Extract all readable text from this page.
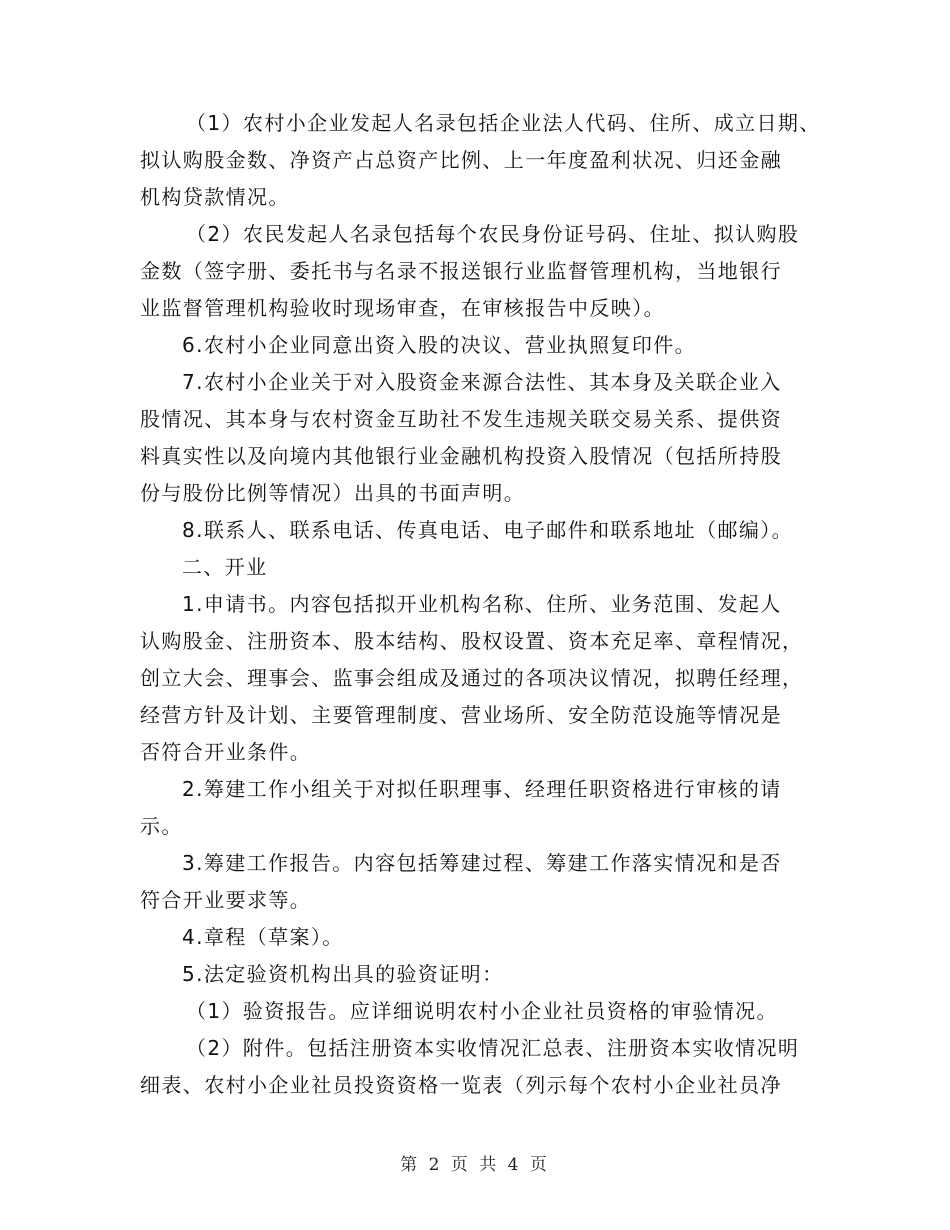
（1）农村小企业发起人名录包括企业法人代码、住所、成立日期、
拟认购股金数、净资产占总资产比例、上一年度盈利状况、归还金融
机构贷款情况。

（2）农民发起人名录包括每个农民身份证号码、住址、拟认购股
金数（签字册、委托书与名录不报送银行业监督管理机构，当地银行
业监督管理机构验收时现场审查，在审核报告中反映）。

6.农村小企业同意出资入股的决议、营业执照复印件。

7.农村小企业关于对入股资金来源合法性、其本身及关联企业入
股情况、其本身与农村资金互助社不发生违规关联交易关系、提供资
料真实性以及向境内其他银行业金融机构投资入股情况（包括所持股
份与股份比例等情况）出具的书面声明。

8.联系人、联系电话、传真电话、电子邮件和联系地址（邮编）。

二、开业

1.申请书。内容包括拟开业机构名称、住所、业务范围、发起人
认购股金、注册资本、股本结构、股权设置、资本充足率、章程情况，
创立大会、理事会、监事会组成及通过的各项决议情况，拟聘任经理，
经营方针及计划、主要管理制度、营业场所、安全防范设施等情况是
否符合开业条件。

2.筹建工作小组关于对拟任职理事、经理任职资格进行审核的请
示。

3.筹建工作报告。内容包括筹建过程、筹建工作落实情况和是否
符合开业要求等。

4.章程（草案）。

5.法定验资机构出具的验资证明：

（1）验资报告。应详细说明农村小企业社员资格的审验情况。

（2）附件。包括注册资本实收情况汇总表、注册资本实收情况明
细表、农村小企业社员投资资格一览表（列示每个农村小企业社员净

第 2 页 共 4 页
